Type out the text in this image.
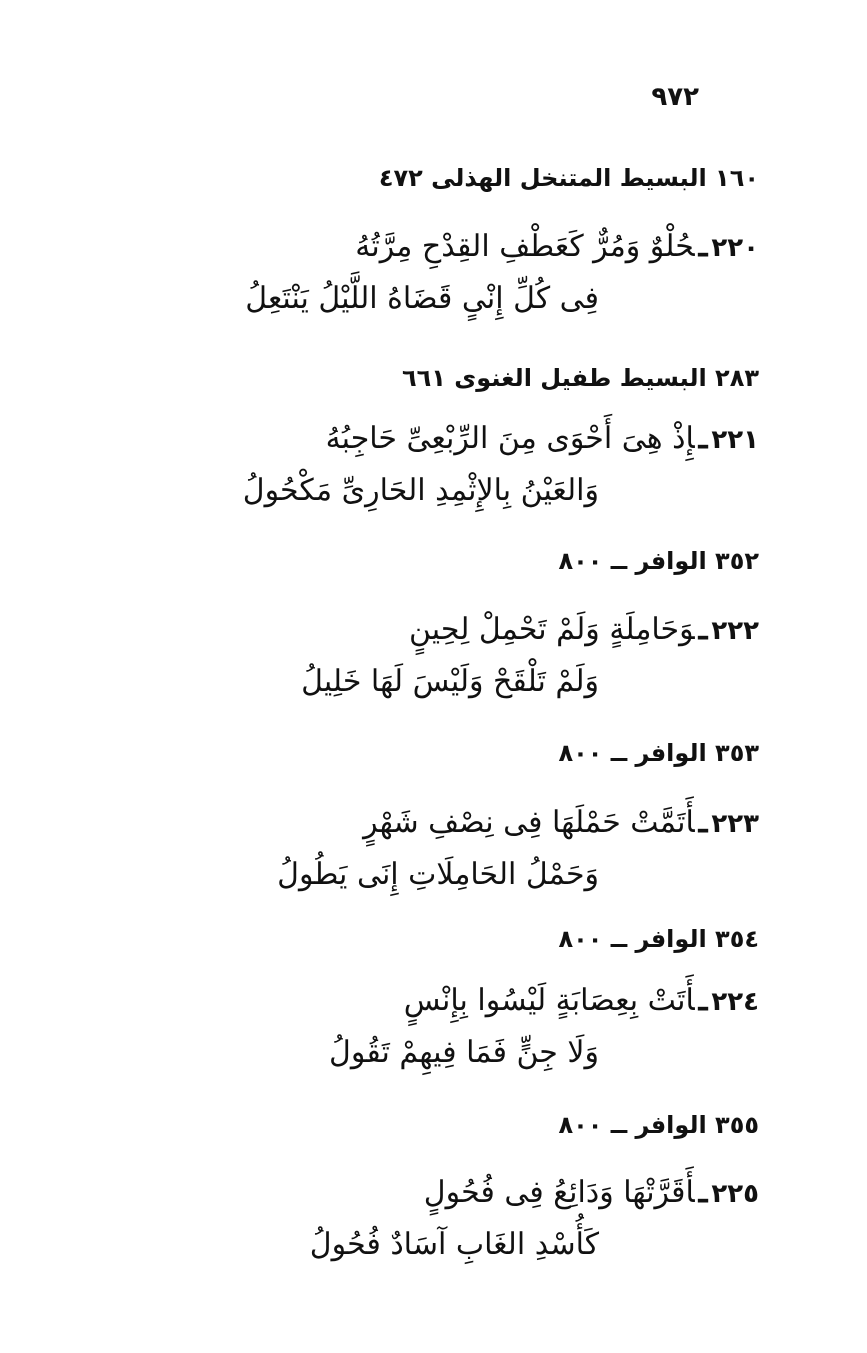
٩٧٢
١٦٠ البسيط المتنخل الهذلى ٤٧٢
٢٢٠ـحُلْوٌ وَمُرٌّ كَعَطْفِ القِدْحِ مِرَّتُهُ
فِى كُلِّ إِنْىٍ قَضَاهُ اللَّيْلُ يَنْتَعِلُ
٢٨٣ البسيط طفيل الغنوى ٦٦١
٢٢١ـإِذْ هِىَ أَحْوَى مِنَ الرِّبْعِىِّ حَاجِبُهُ
وَالعَيْنُ بِالإِثْمِدِ الحَارِىِّ مَكْحُولُ
٣٥٢ الوافر ــ ٨٠٠
٢٢٢ـوَحَامِلَةٍ وَلَمْ تَحْمِلْ لِحِينٍ
وَلَمْ تَلْقَحْ وَلَيْسَ لَهَا خَلِيلُ
٣٥٣ الوافر ــ ٨٠٠
٢٢٣ـأَتَمَّتْ حَمْلَهَا فِى نِصْفِ شَهْرٍ
وَحَمْلُ الحَامِلَاتِ إِنَى يَطُولُ
٣٥٤ الوافر ــ ٨٠٠
٢٢٤ـأَتَتْ بِعِصَابَةٍ لَيْسُوا بِإِنْسٍ
وَلَا جِنٍّ فَمَا فِيهِمْ تَقُولُ
٣٥٥ الوافر ــ ٨٠٠
٢٢٥ـأَقَرَّتْهَا وَدَائِعُ فِى فُحُولٍ
كَأُسْدِ الغَابِ آسَادٌ فُحُولُ
